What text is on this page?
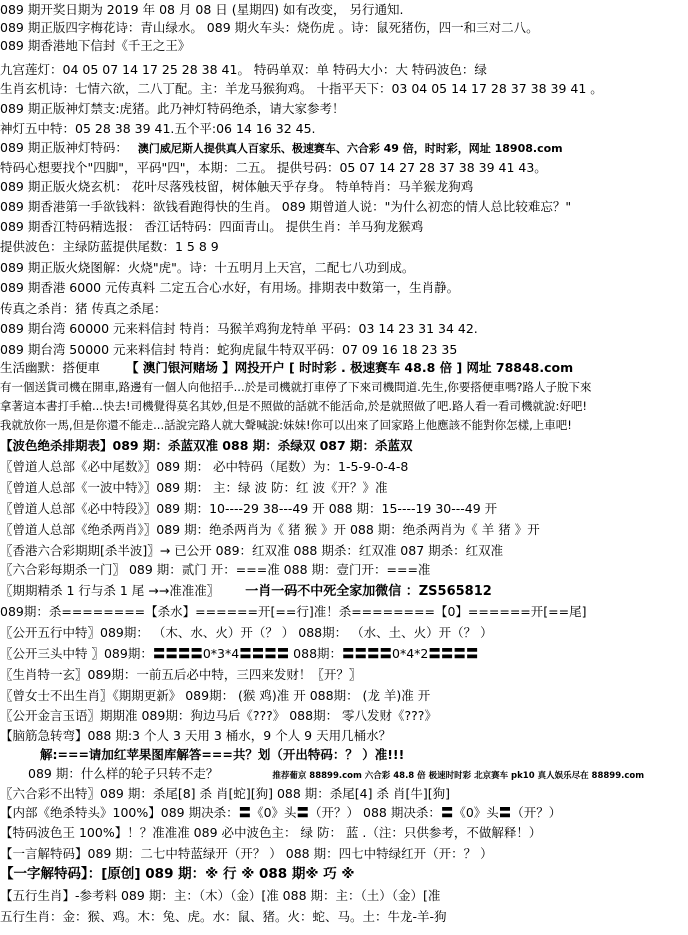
089 期开奖日期为 2019 年 08 月 08 日 (星期四) 如有改变， 另行通知.
089 期正版四字梅花诗：青山绿水。 089 期火车头：烧伤虎 。诗：鼠死猪伤，四一和三对二八。
089 期香港地下信封《千王之王》
九宫莲灯：04 05 07 14 17 25 28 38 41。 特码单双：单 特码大小：大 特码波色：绿
生肖玄机诗：七情六欲，二八丁配。主：羊龙马猴狗鸡。 十指平天下：03 04 05 14 17 28 37 38 39 41 。
089 期正版神灯禁支:虎猪。此乃神灯特码绝杀，请大家参考！
神灯五中特：05 28 38 39 41.五个平:06 14 16 32 45.
089 期正版神灯特码： 澳门威尼斯人提供真人百家乐、极速赛车、六合彩 49 倍，时时彩，网址 18908.com
特码心想要找个"四脚"，平码"四"，本期：二五。 提供号码：05 07 14 27 28 37 38 39 41 43。
089 期正版火烧玄机： 花叶尽落残枝留，树体触天乎存身。 特单特肖：马羊猴龙狗鸡
089 期香港第一手欲钱料：欲钱看跑得快的生肖。 089 期曾道人说："为什么初恋的情人总比较难忘？"
089 期香江特码精选报： 香江话特码：四面青山。 提供生肖：羊马狗龙猴鸡
提供波色：主绿防蓝提供尾数：1 5 8 9
089 期正版火烧图解：火烧"虎"。诗：十五明月上天宫，二配七八功到成。
089 期香港 6000 元传真料 二定五合心水好，有用场。排期表中数第一，生肖静。
传真之杀肖：猪 传真之杀尾：
089 期台湾 60000 元来料信封 特肖：马猴羊鸡狗龙特单 平码：03 14 23 31 34 42.
089 期台湾 50000 元来料信封 特肖：蛇狗虎鼠牛特双平码：07 09 16 18 23 35
生活幽默：搭便車 【 澳门银河赌场 】网投开户 [ 时时彩 . 极速赛车 48.8 倍 ] 网址 78848.com
有一個送貨司機在開車,路邊有一個人向他招手...於是司機就打車停了下來司機問道.先生,你要搭便車嗎?路人子脫下來
拿著這本書打手槍...快去!司機覺得莫名其妙,但是不照做的話就不能活命,於是就照做了吧.路人看一看司機就說:好吧!
我就放你一馬,但是你還不能走...話說完路人就大聲喊說:妹妹!你可以出來了回家路上他應該不能對你怎樣,上車吧!
【波色绝杀排期表】089 期：杀蓝双准 088 期：杀绿双 087 期：杀蓝双
〖曾道人总部《必中尾数》〗089 期： 必中特码（尾数）为：1-5-9-0-4-8
〖曾道人总部《一波中特》〗089 期： 主：绿 波 防：红 波《开？》准
〖曾道人总部《必中特段》〗089 期：10----29 38---49 开 088 期：15----19 30---49 开
〖曾道人总部《绝杀两肖》〗089 期：绝杀两肖为《 猪 猴 》开 088 期：绝杀两肖为《 羊 猪 》开
〖香港六合彩期期[杀半波]〗→ 已公开 089：红双准 088 期杀：红双准 087 期杀：红双准
〖六合彩每期杀一门〗 089 期：贰门 开：===准 088 期：壹门开：===准
〖期期精杀 1 行与杀 1 尾 →→准准准〗 一肖一码不中死全家加微信 ：ZS565812
089期：杀========【杀水】======开[==行]准！杀========【0】======开[==尾]
〖公开五行中特〗089期： （木、水、火）开（？ ） 088期： （水、土、火）开（？ ）
〖公开三头中特 〗089期：〓〓〓〓0*3*4〓〓〓〓 088期：〓〓〓〓0*4*2〓〓〓〓
〖生肖特一玄〗089期：一前五后必中特，三四来发财！〖开？〗
〖曾女士不出生肖〗《期期更新》 089期： (猴 鸡)准 开 088期： (龙 羊)准 开
〖公开金言玉语〗期期准 089期：狗边马后《???》 088期： 零八发财《???》
【脑筋急转弯】088 期:3 个人 3 天用 3 桶水，9 个人 9 天用几桶水？
解:===请加红苹果图库解答===共？划（开出特码：？ ）准!!!
089 期：什么样的轮子只转不走？	推荐葡京 88899.com 六合彩 48.8 倍 极速时时彩 北京赛车 pk10 真人娱乐尽在 88899.com
〖六合彩不出特〗089 期：杀尾[8] 杀 肖[蛇][狗] 088 期：杀尾[4] 杀 肖[牛][狗]
【内部《绝杀特头》100%】089 期决杀：〓《0》头〓（开？） 088 期决杀：〓《0》头〓（开？）
【特码波色王 100%】！？准准准 089 必中波色主： 绿 防： 蓝 .（注：只供参考，不做解释！）
【一言解特码】089 期：二七中特蓝绿开（开？ ） 088 期：四七中特绿红开（开：？ ）
【一字解特码】：[原创] 089 期：※ 行 ※ 088 期※ 巧 ※
【五行生肖】-参考料 089 期：主：（木）（金）[准 088 期：主：（土）（金）[准
五行生肖：金：猴、鸡。木：兔、虎。水：鼠、猪。火：蛇、马。土：牛龙-羊-狗
